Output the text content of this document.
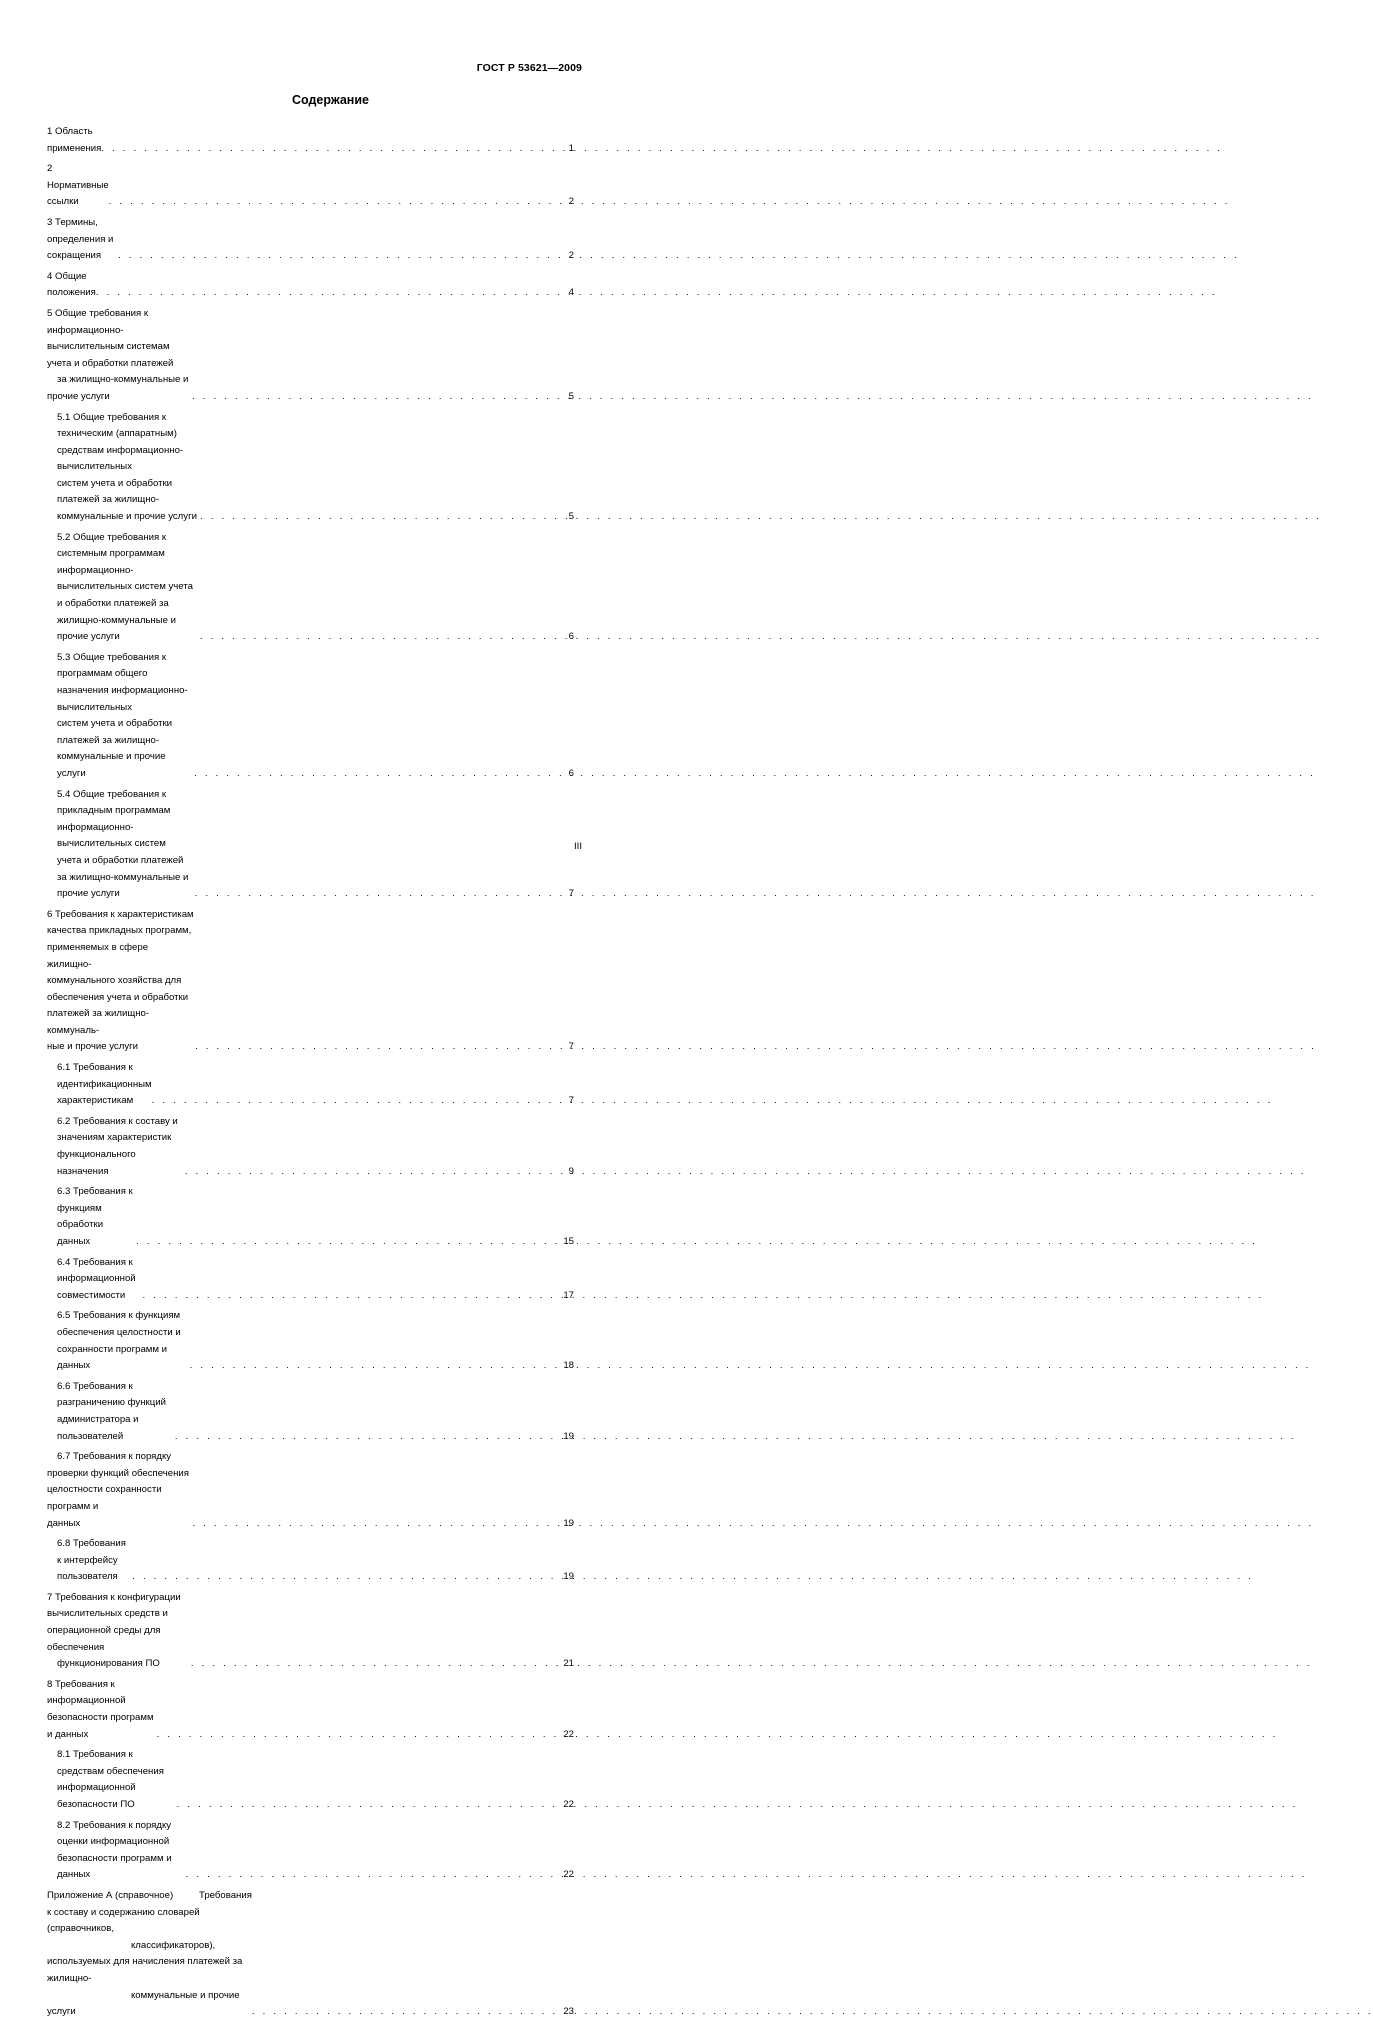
ГОСТ Р 53621—2009
Содержание
1 Область применения . . .	1
2 Нормативные ссылки . . .	2
3 Термины, определения и сокращения . . .	2
4 Общие положения . . .	4
5 Общие требования к информационно-вычислительным системам учета и обработки платежей
за жилищно-коммунальные и прочие услуги . . .	5
5.1 Общие требования к техническим (аппаратным) средствам информационно-вычислительных
систем учета и обработки платежей за жилищно-коммунальные и прочие услуги . . .	5
5.2 Общие требования к системным программам информационно-вычислительных систем учета
и обработки платежей за жилищно-коммунальные и прочие услуги . . .	6
5.3 Общие требования к программам общего назначения информационно-вычислительных
систем учета и обработки платежей за жилищно-коммунальные и прочие услуги . . .	6
5.4 Общие требования к прикладным программам информационно-вычислительных систем
учета и обработки платежей за жилищно-коммунальные и прочие услуги . . .	7
6 Требования к характеристикам качества прикладных программ, применяемых в сфере жилищно-
коммунального хозяйства для обеспечения учета и обработки платежей за жилищно-коммуналь-
ные и прочие услуги . . .	7
6.1 Требования к идентификационным характеристикам . . .	7
6.2 Требования к составу и значениям характеристик функционального назначения . . .	9
6.3 Требования к функциям обработки данных . . .	15
6.4 Требования к информационной совместимости . . .	17
6.5 Требования к функциям обеспечения целостности и сохранности программ и данных . . .	18
6.6 Требования к разграничению функций администратора и пользователей . . .	19
6.7 Требования к порядку проверки функций обеспечения целостности сохранности программ и
данных . . .	19
6.8 Требования к интерфейсу пользователя . . .	19
7 Требования к конфигурации вычислительных средств и операционной среды для обеспечения
функционирования ПО . . .	21
8 Требования к информационной безопасности программ и данных . . .	22
8.1 Требования к средствам обеспечения информационной безопасности ПО . . .	22
8.2 Требования к порядку оценки информационной безопасности программ и данных . . .	22
Приложение А (справочное)	Требования к составу и содержанию словарей (справочников,
классификаторов), используемых для начисления платежей за жилищно-
коммунальные и прочие услуги . . .	23
III
